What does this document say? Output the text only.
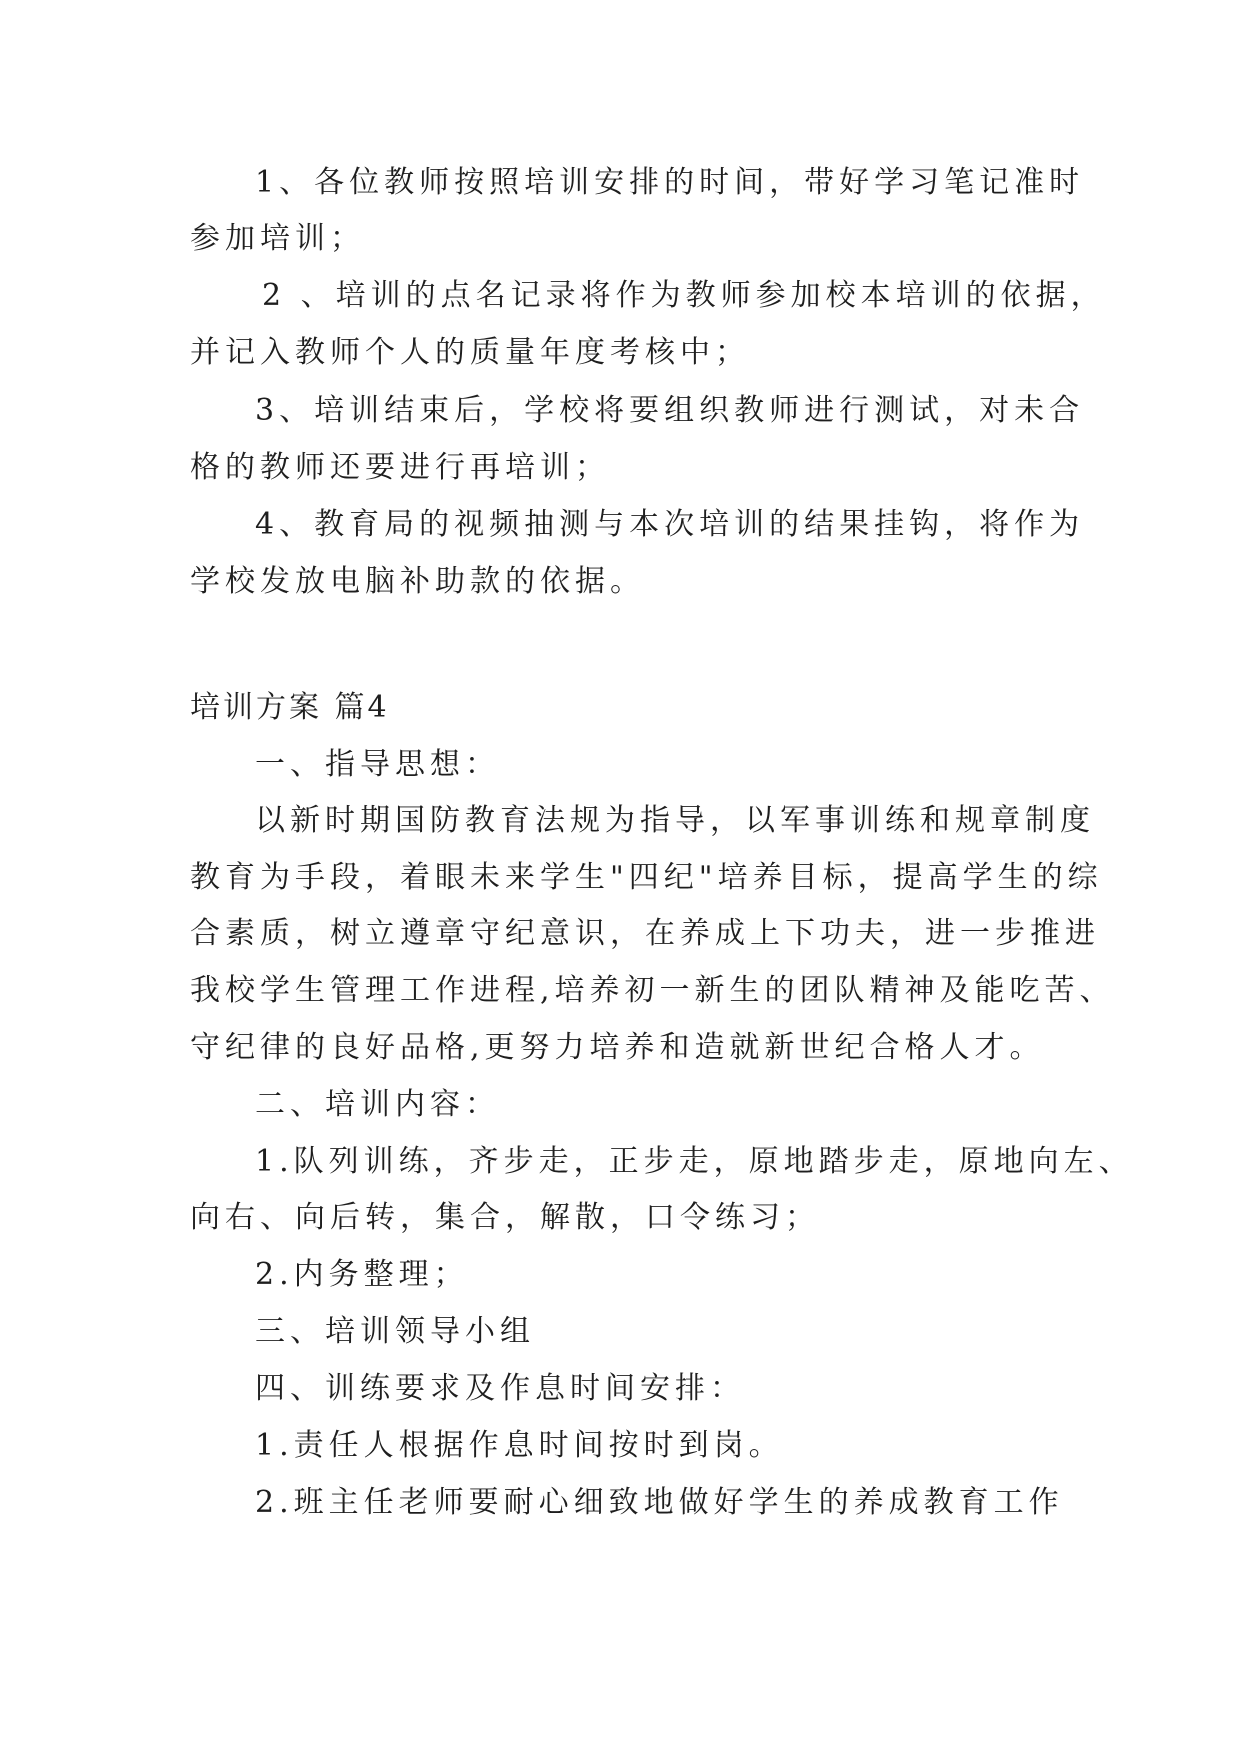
1、各位教师按照培训安排的时间，带好学习笔记准时
参加培训；
2 、培训的点名记录将作为教师参加校本培训的依据，
并记入教师个人的质量年度考核中；
3、培训结束后，学校将要组织教师进行测试，对未合
格的教师还要进行再培训；
4、教育局的视频抽测与本次培训的结果挂钩，将作为
学校发放电脑补助款的依据。
培训方案 篇4
一、指导思想：
以新时期国防教育法规为指导，以军事训练和规章制度
教育为手段，着眼未来学生"四纪"培养目标，提高学生的综
合素质，树立遵章守纪意识，在养成上下功夫，进一步推进
我校学生管理工作进程,培养初一新生的团队精神及能吃苦、
守纪律的良好品格,更努力培养和造就新世纪合格人才。
二、培训内容：
1.队列训练，齐步走，正步走，原地踏步走，原地向左、
向右、向后转，集合，解散，口令练习；
2.内务整理；
三、培训领导小组
四、训练要求及作息时间安排：
1.责任人根据作息时间按时到岗。
2.班主任老师要耐心细致地做好学生的养成教育工作
